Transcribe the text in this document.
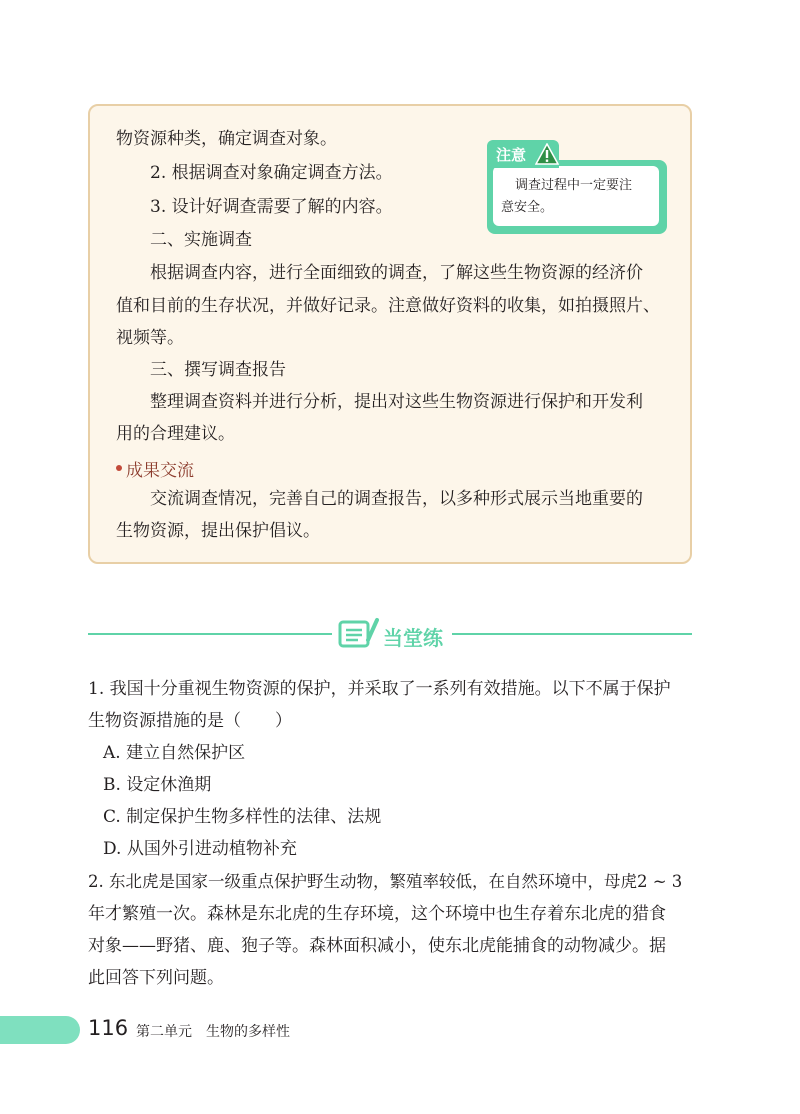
物资源种类，确定调查对象。
2. 根据调查对象确定调查方法。
3. 设计好调查需要了解的内容。
二、实施调查
根据调查内容，进行全面细致的调查，了解这些生物资源的经济价
值和目前的生存状况，并做好记录。注意做好资料的收集，如拍摄照片、
视频等。
三、撰写调查报告
整理调查资料并进行分析，提出对这些生物资源进行保护和开发利
用的合理建议。
成果交流
交流调查情况，完善自己的调查报告，以多种形式展示当地重要的
生物资源，提出保护倡议。
调查过程中一定要注
意安全。
注意
当堂练
1. 我国十分重视生物资源的保护，并采取了一系列有效措施。以下不属于保护
生物资源措施的是（　　）
A. 建立自然保护区
B. 设定休渔期
C. 制定保护生物多样性的法律、法规
D. 从国外引进动植物补充
2. 东北虎是国家一级重点保护野生动物，繁殖率较低，在自然环境中，母虎2 ~ 3
年才繁殖一次。森林是东北虎的生存环境，这个环境中也生存着东北虎的猎食
对象——野猪、鹿、狍子等。森林面积减小，使东北虎能捕食的动物减少。据
此回答下列问题。
116 第二单元　生物的多样性
